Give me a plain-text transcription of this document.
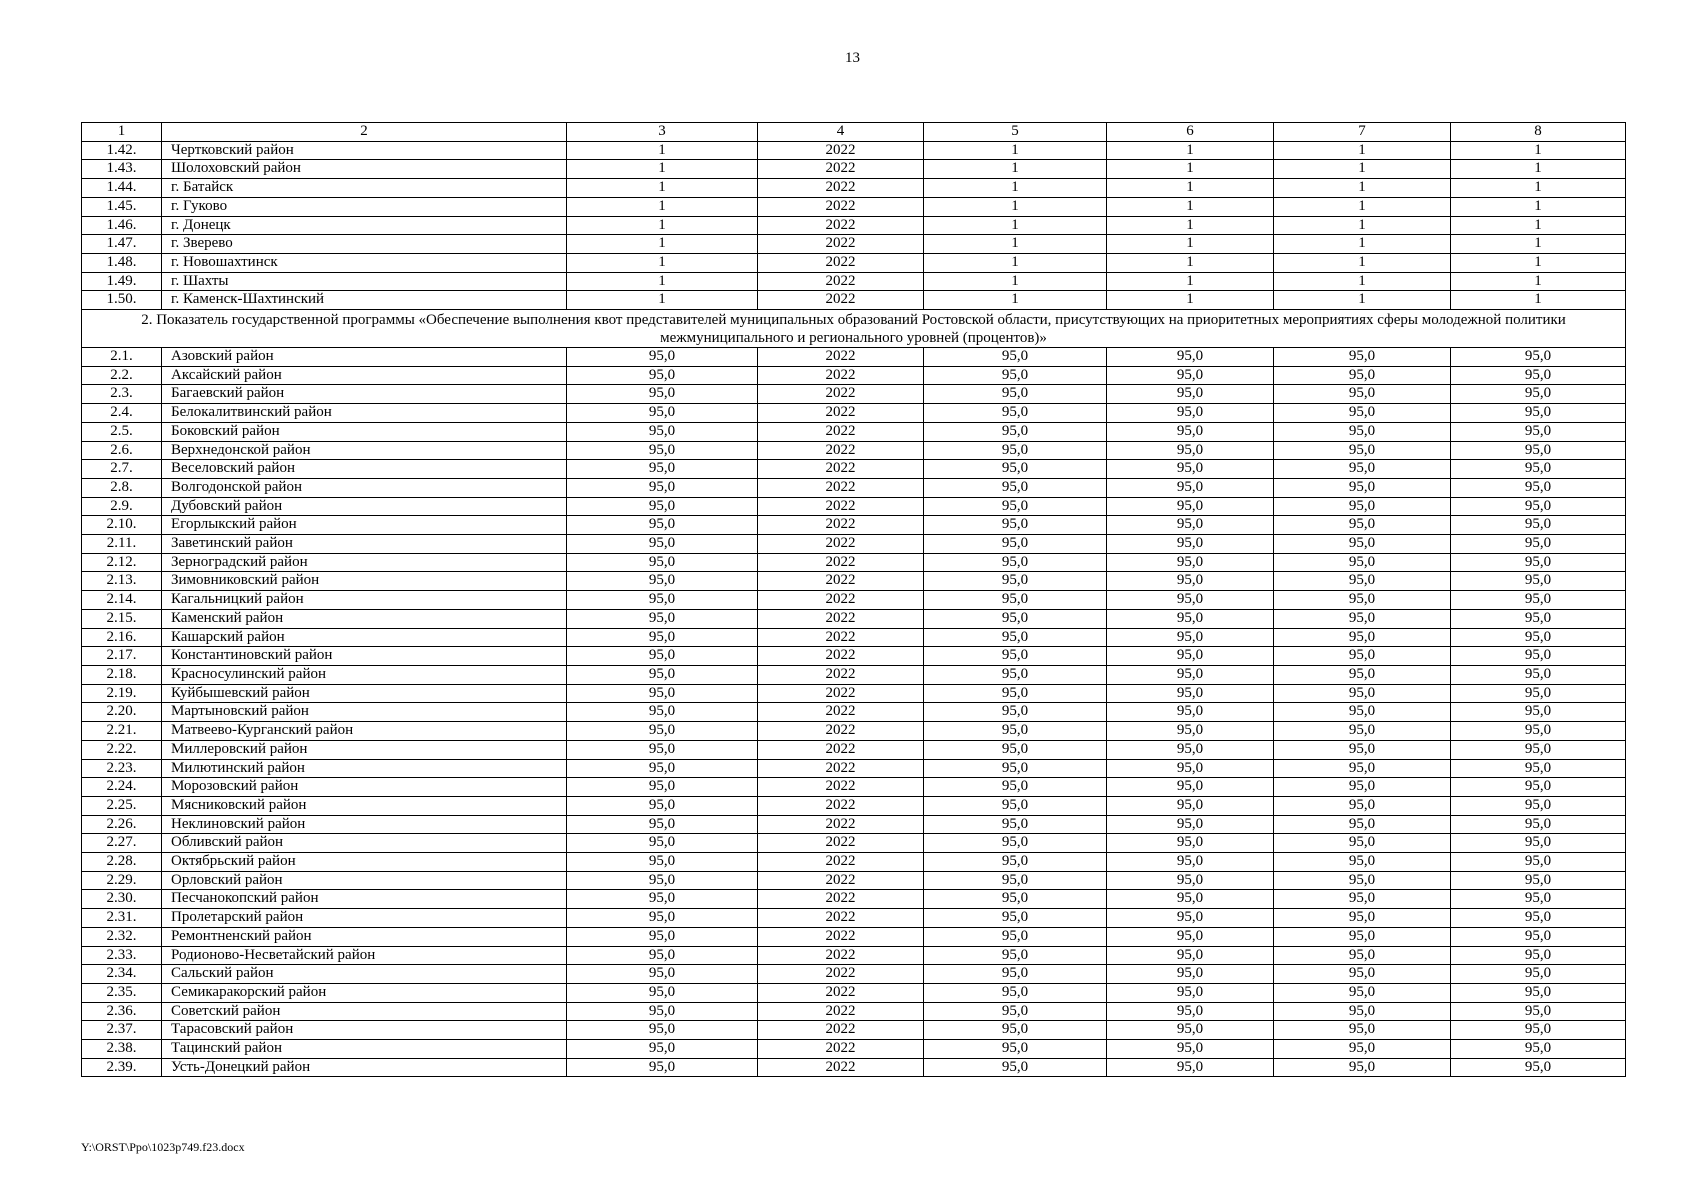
13
1	2	3	4	5	6	7	8
1.42.	Чертковский район	1	2022	1	1	1	1
1.43.	Шолоховский район	1	2022	1	1	1	1
1.44.	г. Батайск	1	2022	1	1	1	1
1.45.	г. Гуково	1	2022	1	1	1	1
1.46.	г. Донецк	1	2022	1	1	1	1
1.47.	г. Зверево	1	2022	1	1	1	1
1.48.	г. Новошахтинск	1	2022	1	1	1	1
1.49.	г. Шахты	1	2022	1	1	1	1
1.50.	г. Каменск-Шахтинский	1	2022	1	1	1	1
2. Показатель государственной программы «Обеспечение выполнения квот представителей муниципальных образований Ростовской области, присутствующих на приоритетных мероприятиях сферы молодежной политики межмуниципального и регионального уровней (процентов)»							
2.1.	Азовский район	95,0	2022	95,0	95,0	95,0	95,0
2.2.	Аксайский район	95,0	2022	95,0	95,0	95,0	95,0
2.3.	Багаевский район	95,0	2022	95,0	95,0	95,0	95,0
2.4.	Белокалитвинский район	95,0	2022	95,0	95,0	95,0	95,0
2.5.	Боковский район	95,0	2022	95,0	95,0	95,0	95,0
2.6.	Верхнедонской район	95,0	2022	95,0	95,0	95,0	95,0
2.7.	Веселовский район	95,0	2022	95,0	95,0	95,0	95,0
2.8.	Волгодонской район	95,0	2022	95,0	95,0	95,0	95,0
2.9.	Дубовский район	95,0	2022	95,0	95,0	95,0	95,0
2.10.	Егорлыкский район	95,0	2022	95,0	95,0	95,0	95,0
2.11.	Заветинский район	95,0	2022	95,0	95,0	95,0	95,0
2.12.	Зерноградский район	95,0	2022	95,0	95,0	95,0	95,0
2.13.	Зимовниковский район	95,0	2022	95,0	95,0	95,0	95,0
2.14.	Кагальницкий район	95,0	2022	95,0	95,0	95,0	95,0
2.15.	Каменский район	95,0	2022	95,0	95,0	95,0	95,0
2.16.	Кашарский район	95,0	2022	95,0	95,0	95,0	95,0
2.17.	Константиновский район	95,0	2022	95,0	95,0	95,0	95,0
2.18.	Красносулинский район	95,0	2022	95,0	95,0	95,0	95,0
2.19.	Куйбышевский район	95,0	2022	95,0	95,0	95,0	95,0
2.20.	Мартыновский район	95,0	2022	95,0	95,0	95,0	95,0
2.21.	Матвеево-Курганский район	95,0	2022	95,0	95,0	95,0	95,0
2.22.	Миллеровский район	95,0	2022	95,0	95,0	95,0	95,0
2.23.	Милютинский район	95,0	2022	95,0	95,0	95,0	95,0
2.24.	Морозовский район	95,0	2022	95,0	95,0	95,0	95,0
2.25.	Мясниковский район	95,0	2022	95,0	95,0	95,0	95,0
2.26.	Неклиновский район	95,0	2022	95,0	95,0	95,0	95,0
2.27.	Обливский район	95,0	2022	95,0	95,0	95,0	95,0
2.28.	Октябрьский район	95,0	2022	95,0	95,0	95,0	95,0
2.29.	Орловский район	95,0	2022	95,0	95,0	95,0	95,0
2.30.	Песчанокопский район	95,0	2022	95,0	95,0	95,0	95,0
2.31.	Пролетарский район	95,0	2022	95,0	95,0	95,0	95,0
2.32.	Ремонтненский район	95,0	2022	95,0	95,0	95,0	95,0
2.33.	Родионово-Несветайский район	95,0	2022	95,0	95,0	95,0	95,0
2.34.	Сальский район	95,0	2022	95,0	95,0	95,0	95,0
2.35.	Семикаракорский район	95,0	2022	95,0	95,0	95,0	95,0
2.36.	Советский район	95,0	2022	95,0	95,0	95,0	95,0
2.37.	Тарасовский район	95,0	2022	95,0	95,0	95,0	95,0
2.38.	Тацинский район	95,0	2022	95,0	95,0	95,0	95,0
2.39.	Усть-Донецкий район	95,0	2022	95,0	95,0	95,0	95,0
Y:\ORST\Ppo\1023p749.f23.docx
